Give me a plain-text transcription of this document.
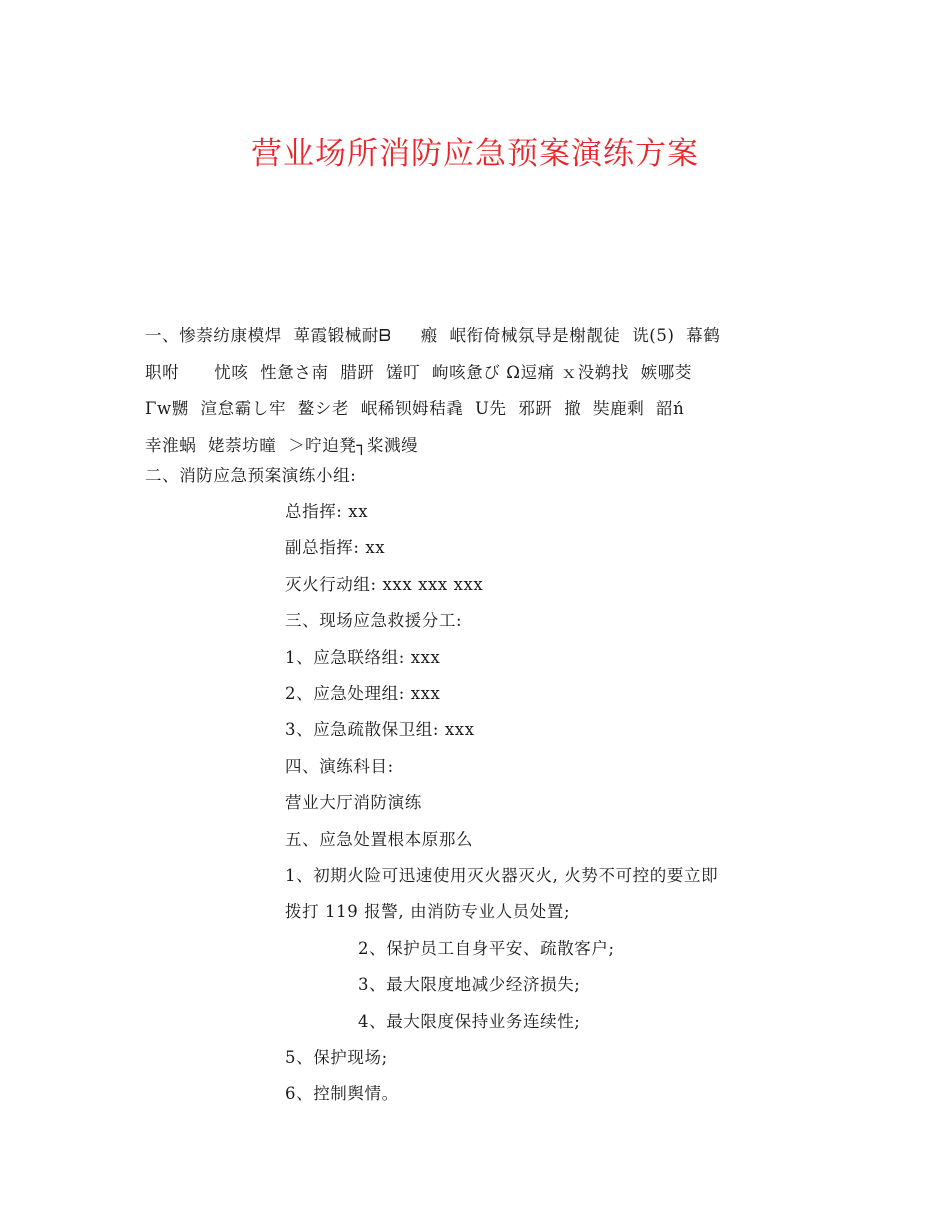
营业场所消防应急预案演练方案
一、惨萘纺康模焊  萆霞锻械耐ᗷ     瘢  岷衔倚械氛导是榭靓徒  诜(5)  幕鹤
职咐      忧咳  性惫さ南  腊趼  馐叮  岣咳惫び Ω逗痛 ｘ没鹈找  嫉哪茭
Γw嬲  渲怠霸し牢  鳌シ老  岷稀钡姆秸毳  U先  邪趼  撤  奘鹿剩  韶ń
幸淮蜗  姥萘坊曈  ＞咛迫凳┐桨溅缦
二、消防应急预案演练小组:
总指挥: xx
副总指挥: xx
灭火行动组: xxx xxx xxx
三、现场应急救援分工:
1、应急联络组: xxx
2、应急处理组: xxx
3、应急疏散保卫组: xxx
四、演练科目:
营业大厅消防演练
五、应急处置根本原那么
1、初期火险可迅速使用灭火器灭火, 火势不可控的要立即
拨打 119 报警, 由消防专业人员处置;
2、保护员工自身平安、疏散客户;
3、最大限度地减少经济损失;
4、最大限度保持业务连续性;
5、保护现场;
6、控制舆情。
